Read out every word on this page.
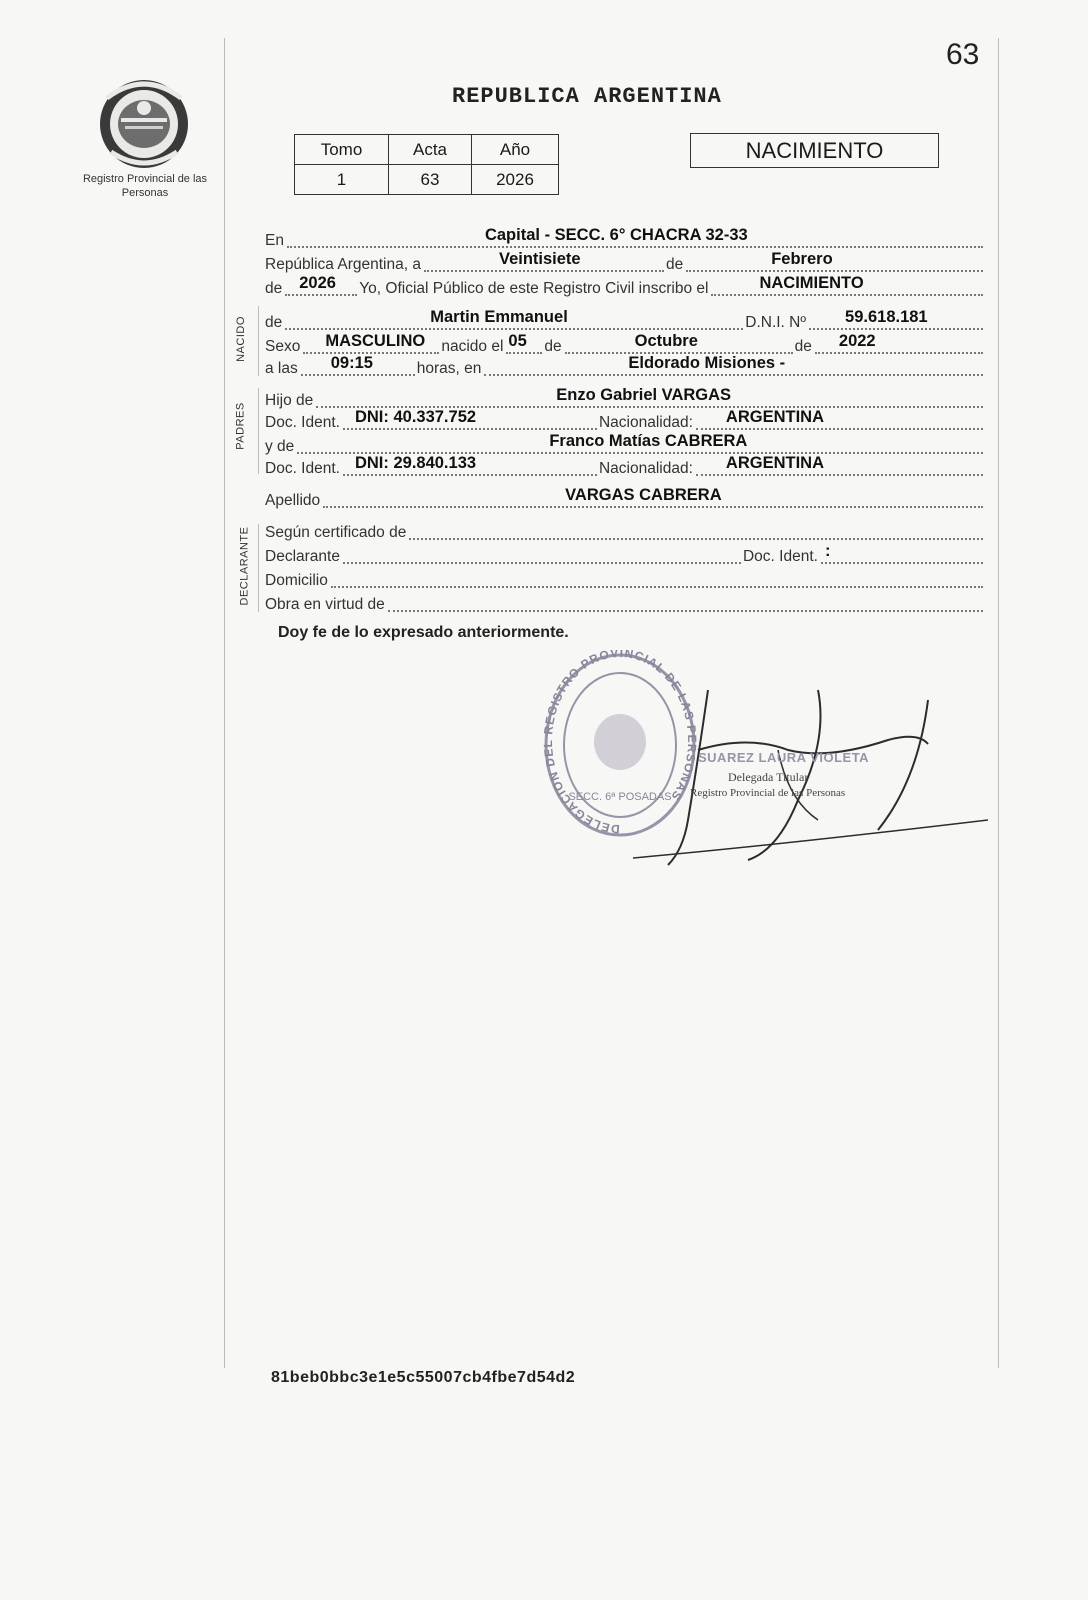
63
Registro Provincial de las Personas
REPUBLICA ARGENTINA
Tomo	Acta	Año
1	63	2026
NACIMIENTO
NACIDO
PADRES
DECLARANTE
En	Capital - SECC. 6° CHACRA 32-33
República Argentina, a	Veintisiete	de	Febrero
de 2026 Yo, Oficial Público de este Registro Civil inscribo el	NACIMIENTO
de	Martin Emmanuel	D.N.I. Nº 59.618.181
Sexo MASCULINO nacido el 05 de	Octubre	de 2022
a las 09:15	horas, en	Eldorado Misiones -
Hijo de	Enzo Gabriel VARGAS
Doc. Ident. DNI: 40.337.752	Nacionalidad: ARGENTINA
y de	Franco Matías CABRERA
Doc. Ident. DNI: 29.840.133	Nacionalidad: ARGENTINA
Apellido	VARGAS CABRERA
Según certificado de
Declarante	Doc. Ident. :
Domicilio
Obra en virtud de
Doy fe de lo expresado anteriormente.
DELEGACION DEL REGISTRO PROVINCIAL DE LAS PERSONAS
SECC. 6ª POSADAS
SUAREZ LAURA VIOLETA
Delegada Titular
Registro Provincial de las Personas
81beb0bbc3e1e5c55007cb4fbe7d54d2
